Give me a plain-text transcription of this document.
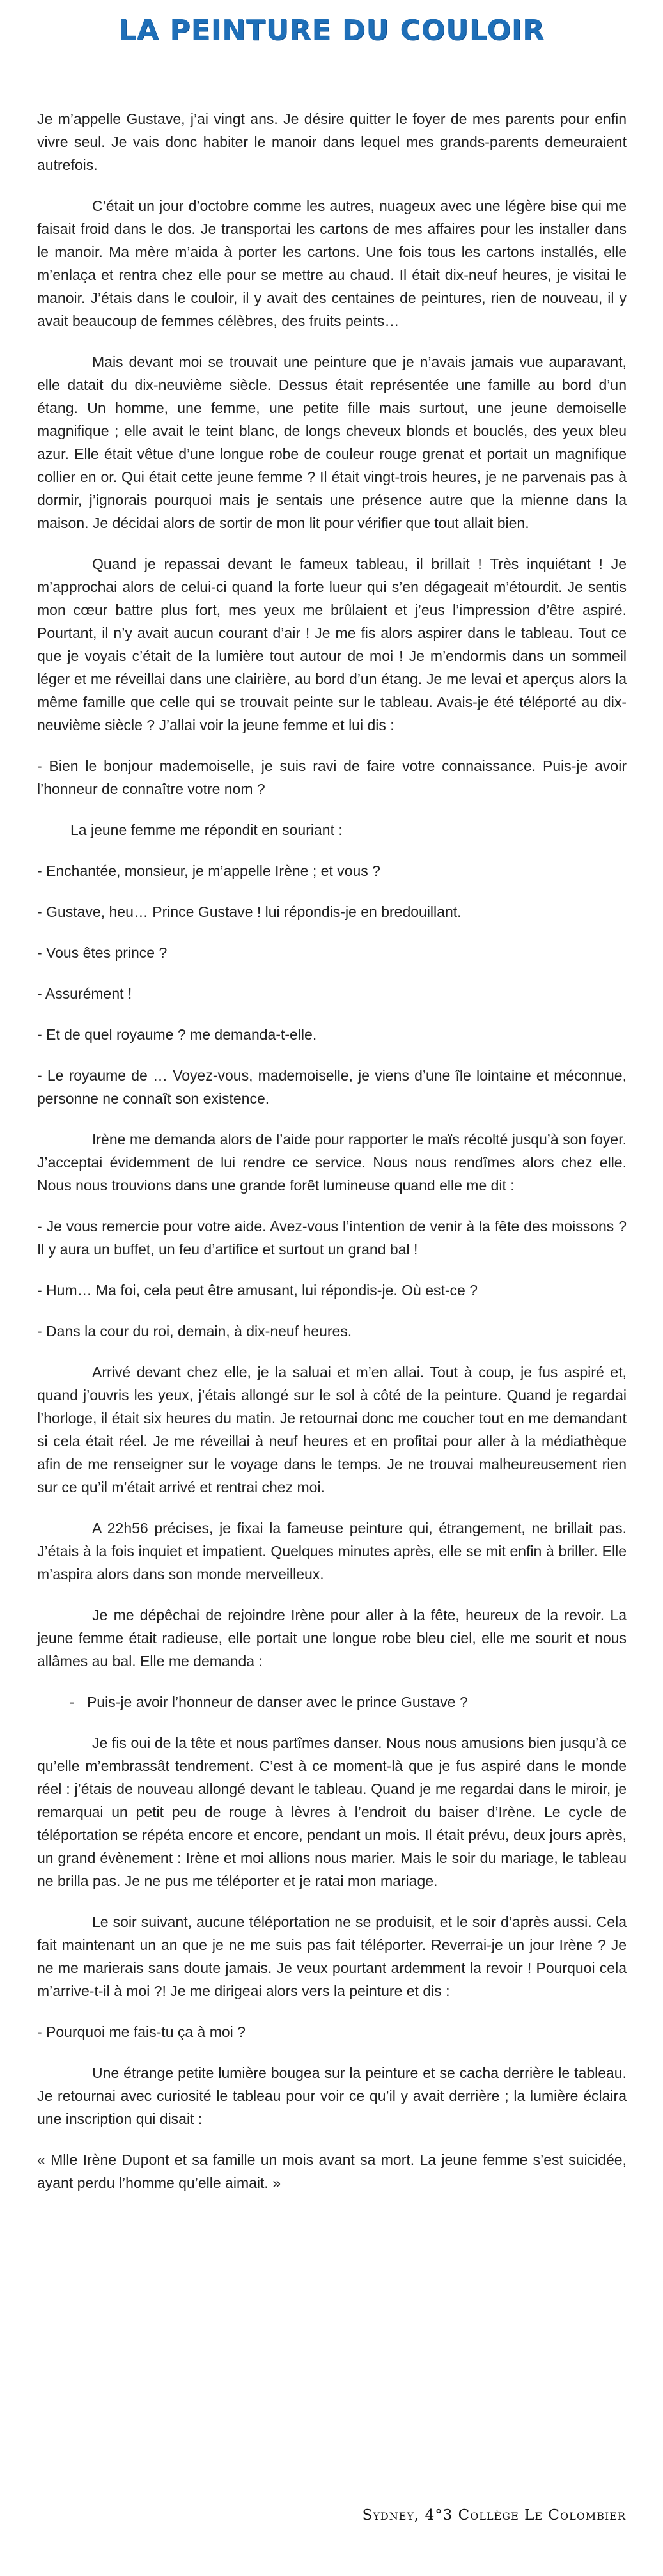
LA PEINTURE DU COULOIR

Je m’appelle Gustave, j’ai vingt ans. Je désire quitter le foyer de mes parents pour enfin vivre seul. Je vais donc habiter le manoir dans lequel mes grands-parents demeuraient autrefois.

C’était un jour d’octobre comme les autres, nuageux avec une légère bise qui me faisait froid dans le dos. Je transportai les cartons de mes affaires pour les installer dans le manoir. Ma mère m’aida à porter les cartons. Une fois tous les cartons installés, elle m’enlaça et rentra chez elle pour se mettre au chaud. Il était dix-neuf heures, je visitai le manoir. J’étais dans le couloir, il y avait des centaines de peintures, rien de nouveau, il y avait beaucoup de femmes célèbres, des fruits peints…

Mais devant moi se trouvait une peinture que je n’avais jamais vue auparavant, elle datait du dix-neuvième siècle. Dessus était représentée une famille au bord d’un étang. Un homme, une femme, une petite fille mais surtout, une jeune demoiselle magnifique ; elle avait le teint blanc, de longs cheveux blonds et bouclés, des yeux bleu azur. Elle était vêtue d’une longue robe de couleur rouge grenat et portait un magnifique collier en or. Qui était cette jeune femme ? Il était vingt-trois heures, je ne parvenais pas à dormir, j’ignorais pourquoi mais je sentais une présence autre que la mienne dans la maison. Je décidai alors de sortir de mon lit pour vérifier que tout allait bien.

Quand je repassai devant le fameux tableau, il brillait ! Très inquiétant ! Je m’approchai alors de celui-ci quand la forte lueur qui s’en dégageait m’étourdit. Je sentis mon cœur battre plus fort, mes yeux me brûlaient et j’eus l’impression d’être aspiré. Pourtant, il n’y avait aucun courant d’air ! Je me fis alors aspirer dans le tableau. Tout ce que je voyais c’était de la lumière tout autour de moi ! Je m’endormis dans un sommeil léger et me réveillai dans une clairière, au bord d’un étang. Je me levai et aperçus alors la même famille que celle qui se trouvait peinte sur le tableau. Avais-je été téléporté au dix-neuvième siècle ? J’allai voir la jeune femme et lui dis :

- Bien le bonjour mademoiselle, je suis ravi de faire votre connaissance. Puis-je avoir l’honneur de connaître votre nom ?

La jeune femme me répondit en souriant :

- Enchantée, monsieur, je m’appelle Irène ; et vous ?

- Gustave, heu… Prince Gustave ! lui répondis-je en bredouillant.

- Vous êtes prince ?

- Assurément !

- Et de quel royaume ? me demanda-t-elle.

- Le royaume de … Voyez-vous, mademoiselle, je viens d’une île lointaine et méconnue, personne ne connaît son existence.

Irène me demanda alors de l’aide pour rapporter le maïs récolté jusqu’à son foyer. J’acceptai évidemment de lui rendre ce service. Nous nous rendîmes alors chez elle. Nous nous trouvions dans une grande forêt lumineuse quand elle me dit :

- Je vous remercie pour votre aide. Avez-vous l’intention de venir à la fête des moissons ? Il y aura un buffet, un feu d’artifice et surtout un grand bal !

- Hum… Ma foi, cela peut être amusant, lui répondis-je. Où est-ce ?

- Dans la cour du roi, demain, à dix-neuf heures.

Arrivé devant chez elle, je la saluai et m’en allai. Tout à coup, je fus aspiré et, quand j’ouvris les yeux, j’étais allongé sur le sol à côté de la peinture. Quand je regardai l’horloge, il était six heures du matin. Je retournai donc me coucher tout en me demandant si cela était réel. Je me réveillai à neuf heures et en profitai pour aller à la médiathèque afin de me renseigner sur le voyage dans le temps. Je ne trouvai malheureusement rien sur ce qu’il m’était arrivé et rentrai chez moi.

A 22h56 précises, je fixai la fameuse peinture qui, étrangement, ne brillait pas. J’étais à la fois inquiet et impatient. Quelques minutes après, elle se mit enfin à briller. Elle m’aspira alors dans son monde merveilleux.

Je me dépêchai de rejoindre Irène pour aller à la fête, heureux de la revoir. La jeune femme était radieuse, elle portait une longue robe bleu ciel, elle me sourit et nous allâmes au bal. Elle me demanda :

- Puis-je avoir l’honneur de danser avec le prince Gustave ?

Je fis oui de la tête et nous partîmes danser. Nous nous amusions bien jusqu’à ce qu’elle m’embrassât tendrement. C’est à ce moment-là que je fus aspiré dans le monde réel : j’étais de nouveau allongé devant le tableau. Quand je me regardai dans le miroir, je remarquai un petit peu de rouge à lèvres à l’endroit du baiser d’Irène. Le cycle de téléportation se répéta encore et encore, pendant un mois. Il était prévu, deux jours après, un grand évènement : Irène et moi allions nous marier. Mais le soir du mariage, le tableau ne brilla pas. Je ne pus me téléporter et je ratai mon mariage.

Le soir suivant, aucune téléportation ne se produisit, et le soir d’après aussi. Cela fait maintenant un an que je ne me suis pas fait téléporter. Reverrai-je un jour Irène ? Je ne me marierais sans doute jamais. Je veux pourtant ardemment la revoir ! Pourquoi cela m’arrive-t-il à moi ?! Je me dirigeai alors vers la peinture et dis :

- Pourquoi me fais-tu ça à moi ?

Une étrange petite lumière bougea sur la peinture et se cacha derrière le tableau. Je retournai avec curiosité le tableau pour voir ce qu’il y avait derrière ; la lumière éclaira une inscription qui disait :

« Mlle Irène Dupont et sa famille un mois avant sa mort. La jeune femme s’est suicidée, ayant perdu l’homme qu’elle aimait. »

Sydney, 4°3 Collège Le Colombier
